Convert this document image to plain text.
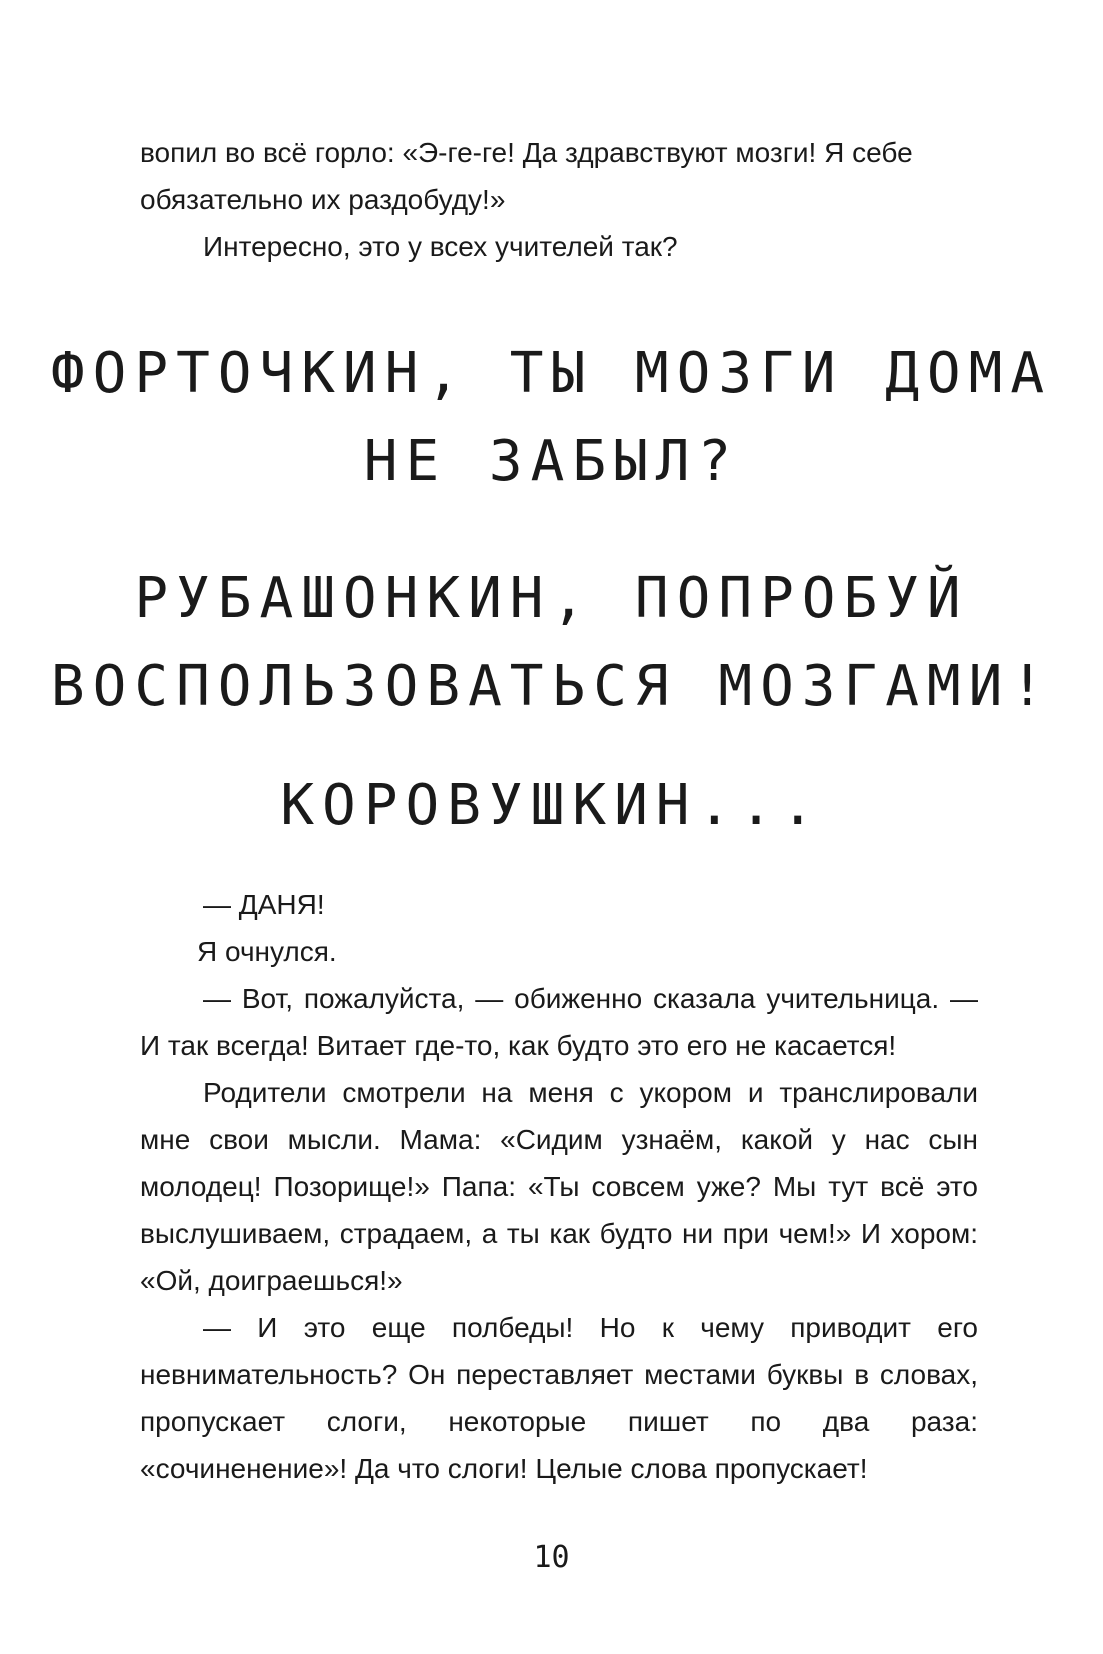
вопил во всё горло: «Э-ге-ге! Да здравствуют мозги! Я себе
обязательно их раздобуду!»

Интересно, это у всех учителей так?

ФОРТОЧКИН, ТЫ МОЗГИ ДОМА
НЕ ЗАБЫЛ?
РУБАШОНКИН, ПОПРОБУЙ
ВОСПОЛЬЗОВАТЬСЯ МОЗГАМИ!
КОРОВУШКИН...

— ДАНЯ!

Я очнулся.

— Вот, пожалуйста, — обиженно сказала учительница. — И так всегда! Витает где-то, как будто это его не касается!

Родители смотрели на меня с укором и транслировали мне свои мысли. Мама: «Сидим узнаём, какой у нас сын молодец! Позорище!» Папа: «Ты совсем уже? Мы тут всё это выслушиваем, страдаем, а ты как будто ни при чем!» И хором: «Ой, доиграешься!»

— И это еще полбеды! Но к чему приводит его невнимательность? Он переставляет местами буквы в словах, пропускает слоги, некоторые пишет по два раза: «сочиненение»! Да что слоги! Целые слова пропускает!

10
